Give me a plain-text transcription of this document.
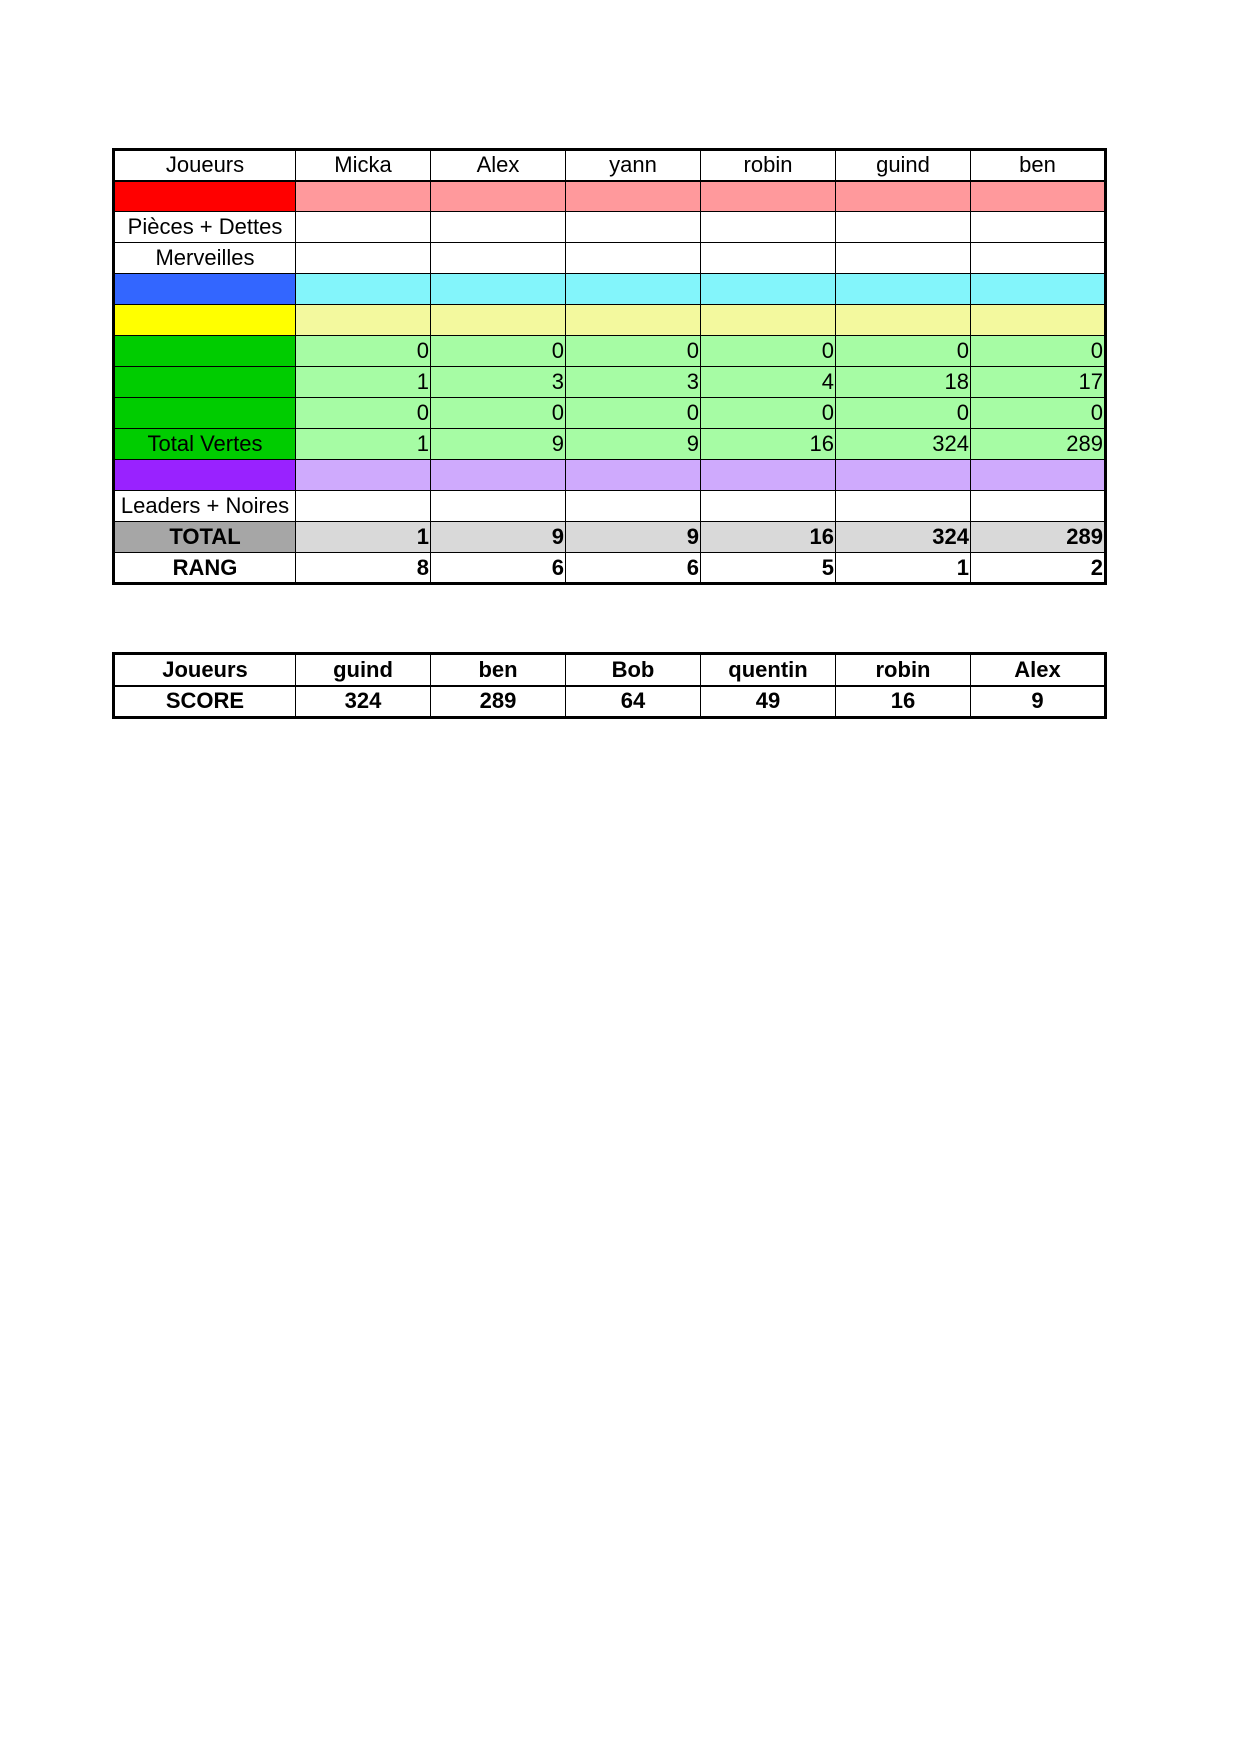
Joueurs	Micka	Alex	yann	robin	guind	ben

Pièces + Dettes						
Merveilles						

	0	0	0	0	0	0
	1	3	3	4	18	17
	0	0	0	0	0	0
Total Vertes	1	9	9	16	324	289

Leaders + Noires						
TOTAL	1	9	9	16	324	289
RANG	8	6	6	5	1	2
Joueurs	guind	ben	Bob	quentin	robin	Alex
SCORE	324	289	64	49	16	9
